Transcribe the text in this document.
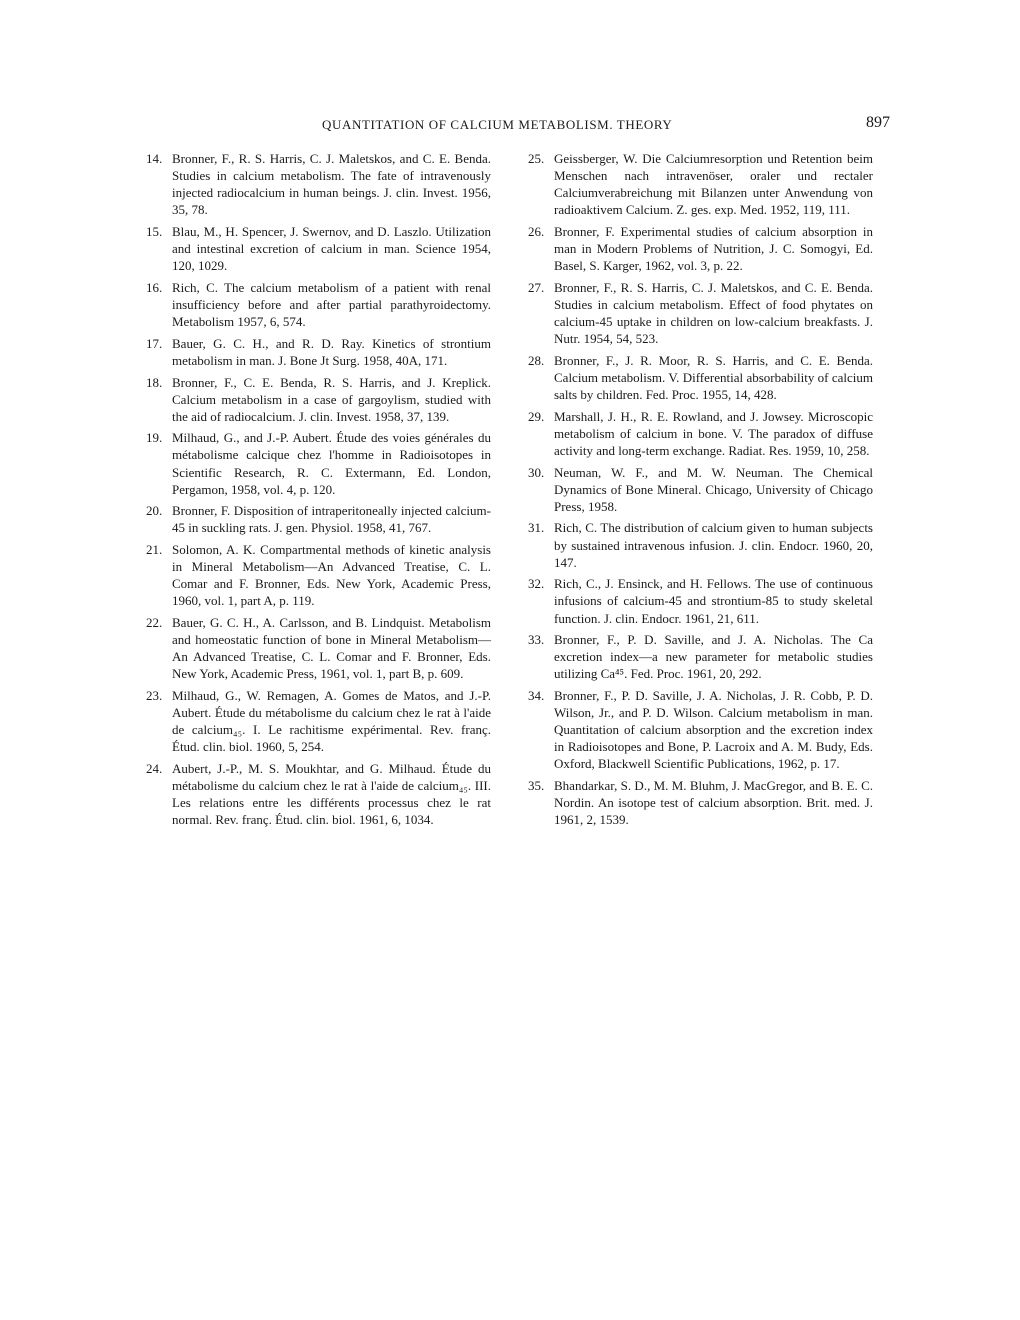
QUANTITATION OF CALCIUM METABOLISM. THEORY	897

14. Bronner, F., R. S. Harris, C. J. Maletskos, and C. E. Benda. Studies in calcium metabolism. The fate of intravenously injected radiocalcium in human beings. J. clin. Invest. 1956, 35, 78.

15. Blau, M., H. Spencer, J. Swernov, and D. Laszlo. Utilization and intestinal excretion of calcium in man. Science 1954, 120, 1029.

16. Rich, C. The calcium metabolism of a patient with renal insufficiency before and after partial parathyroidectomy. Metabolism 1957, 6, 574.

17. Bauer, G. C. H., and R. D. Ray. Kinetics of strontium metabolism in man. J. Bone Jt Surg. 1958, 40A, 171.

18. Bronner, F., C. E. Benda, R. S. Harris, and J. Kreplick. Calcium metabolism in a case of gargoylism, studied with the aid of radiocalcium. J. clin. Invest. 1958, 37, 139.

19. Milhaud, G., and J.-P. Aubert. Étude des voies générales du métabolisme calcique chez l'homme in Radioisotopes in Scientific Research, R. C. Extermann, Ed. London, Pergamon, 1958, vol. 4, p. 120.

20. Bronner, F. Disposition of intraperitoneally injected calcium-45 in suckling rats. J. gen. Physiol. 1958, 41, 767.

21. Solomon, A. K. Compartmental methods of kinetic analysis in Mineral Metabolism—An Advanced Treatise, C. L. Comar and F. Bronner, Eds. New York, Academic Press, 1960, vol. 1, part A, p. 119.

22. Bauer, G. C. H., A. Carlsson, and B. Lindquist. Metabolism and homeostatic function of bone in Mineral Metabolism—An Advanced Treatise, C. L. Comar and F. Bronner, Eds. New York, Academic Press, 1961, vol. 1, part B, p. 609.

23. Milhaud, G., W. Remagen, A. Gomes de Matos, and J.-P. Aubert. Étude du métabolisme du calcium chez le rat à l'aide de calcium₄₅. I. Le rachitisme expérimental. Rev. franç. Étud. clin. biol. 1960, 5, 254.

24. Aubert, J.-P., M. S. Moukhtar, and G. Milhaud. Étude du métabolisme du calcium chez le rat à l'aide de calcium₄₅. III. Les relations entre les différents processus chez le rat normal. Rev. franç. Étud. clin. biol. 1961, 6, 1034.

25. Geissberger, W. Die Calciumresorption und Retention beim Menschen nach intravenöser, oraler und rectaler Calciumverabreichung mit Bilanzen unter Anwendung von radioaktivem Calcium. Z. ges. exp. Med. 1952, 119, 111.

26. Bronner, F. Experimental studies of calcium absorption in man in Modern Problems of Nutrition, J. C. Somogyi, Ed. Basel, S. Karger, 1962, vol. 3, p. 22.

27. Bronner, F., R. S. Harris, C. J. Maletskos, and C. E. Benda. Studies in calcium metabolism. Effect of food phytates on calcium-45 uptake in children on low-calcium breakfasts. J. Nutr. 1954, 54, 523.

28. Bronner, F., J. R. Moor, R. S. Harris, and C. E. Benda. Calcium metabolism. V. Differential absorbability of calcium salts by children. Fed. Proc. 1955, 14, 428.

29. Marshall, J. H., R. E. Rowland, and J. Jowsey. Microscopic metabolism of calcium in bone. V. The paradox of diffuse activity and long-term exchange. Radiat. Res. 1959, 10, 258.

30. Neuman, W. F., and M. W. Neuman. The Chemical Dynamics of Bone Mineral. Chicago, University of Chicago Press, 1958.

31. Rich, C. The distribution of calcium given to human subjects by sustained intravenous infusion. J. clin. Endocr. 1960, 20, 147.

32. Rich, C., J. Ensinck, and H. Fellows. The use of continuous infusions of calcium-45 and strontium-85 to study skeletal function. J. clin. Endocr. 1961, 21, 611.

33. Bronner, F., P. D. Saville, and J. A. Nicholas. The Ca excretion index—a new parameter for metabolic studies utilizing Ca⁴⁵. Fed. Proc. 1961, 20, 292.

34. Bronner, F., P. D. Saville, J. A. Nicholas, J. R. Cobb, P. D. Wilson, Jr., and P. D. Wilson. Calcium metabolism in man. Quantitation of calcium absorption and the excretion index in Radioisotopes and Bone, P. Lacroix and A. M. Budy, Eds. Oxford, Blackwell Scientific Publications, 1962, p. 17.

35. Bhandarkar, S. D., M. M. Bluhm, J. MacGregor, and B. E. C. Nordin. An isotope test of calcium absorption. Brit. med. J. 1961, 2, 1539.
